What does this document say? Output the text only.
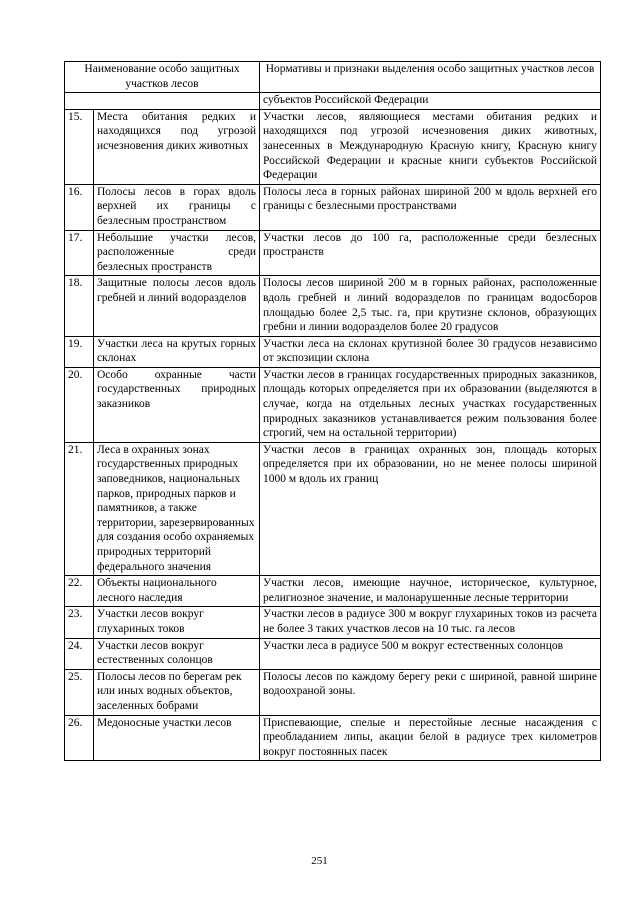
Наименование особо защитных участков лесов		Нормативы и признаки выделения особо защитных участков лесов
		субъектов Российской Федерации
15.	Места обитания редких и находящихся под угрозой исчезновения диких животных	Участки лесов, являющиеся местами обитания редких и находящихся под угрозой исчезновения диких животных, занесенных в Международную Красную книгу, Красную книгу Российской Федерации и красные книги субъектов Российской Федерации
16.	Полосы лесов в горах вдоль верхней их границы с безлесным пространством	Полосы леса в горных районах шириной 200 м вдоль верхней его границы с безлесными пространствами
17.	Небольшие участки лесов, расположенные среди безлесных пространств	Участки лесов до 100 га, расположенные среди безлесных пространств
18.	Защитные полосы лесов вдоль гребней и линий водоразделов	Полосы лесов шириной 200 м в горных районах, расположенные вдоль гребней и линий водоразделов по границам водосборов площадью более 2,5 тыс. га, при крутизне склонов, образующих гребни и линии водоразделов более 20 градусов
19.	Участки леса на крутых горных склонах	Участки леса на склонах крутизной более 30 градусов независимо от экспозиции склона
20.	Особо охранные части государственных природных заказников	Участки лесов в границах государственных природных заказников, площадь которых определяется при их образовании (выделяются в случае, когда на отдельных лесных участках государственных природных заказников устанавливается режим пользования более строгий, чем на остальной территории)
21.	Леса в охранных зонах государственных природных заповедников, национальных парков, природных парков и памятников, а также территории, зарезервированных для создания особо охраняемых природных территорий федерального значения	Участки лесов в границах охранных зон, площадь которых определяется при их образовании, но не менее полосы шириной 1000 м вдоль их границ
22.	Объекты национального лесного наследия	Участки лесов, имеющие научное, историческое, культурное, религиозное значение, и малонарушенные лесные территории
23.	Участки лесов вокруг глухариных токов	Участки лесов в радиусе 300 м вокруг глухариных токов из расчета не более 3 таких участков лесов на 10 тыс. га лесов
24.	Участки лесов вокруг естественных солонцов	Участки леса в радиусе 500 м вокруг естественных солонцов
25.	Полосы лесов по берегам рек или иных водных объектов, заселенных бобрами	Полосы лесов по каждому берегу реки с шириной, равной ширине водоохраной зоны.
26.	Медоносные участки лесов	Приспевающие, спелые и перестойные лесные насаждения с преобладанием липы, акации белой в радиусе трех километров вокруг постоянных пасек
251
